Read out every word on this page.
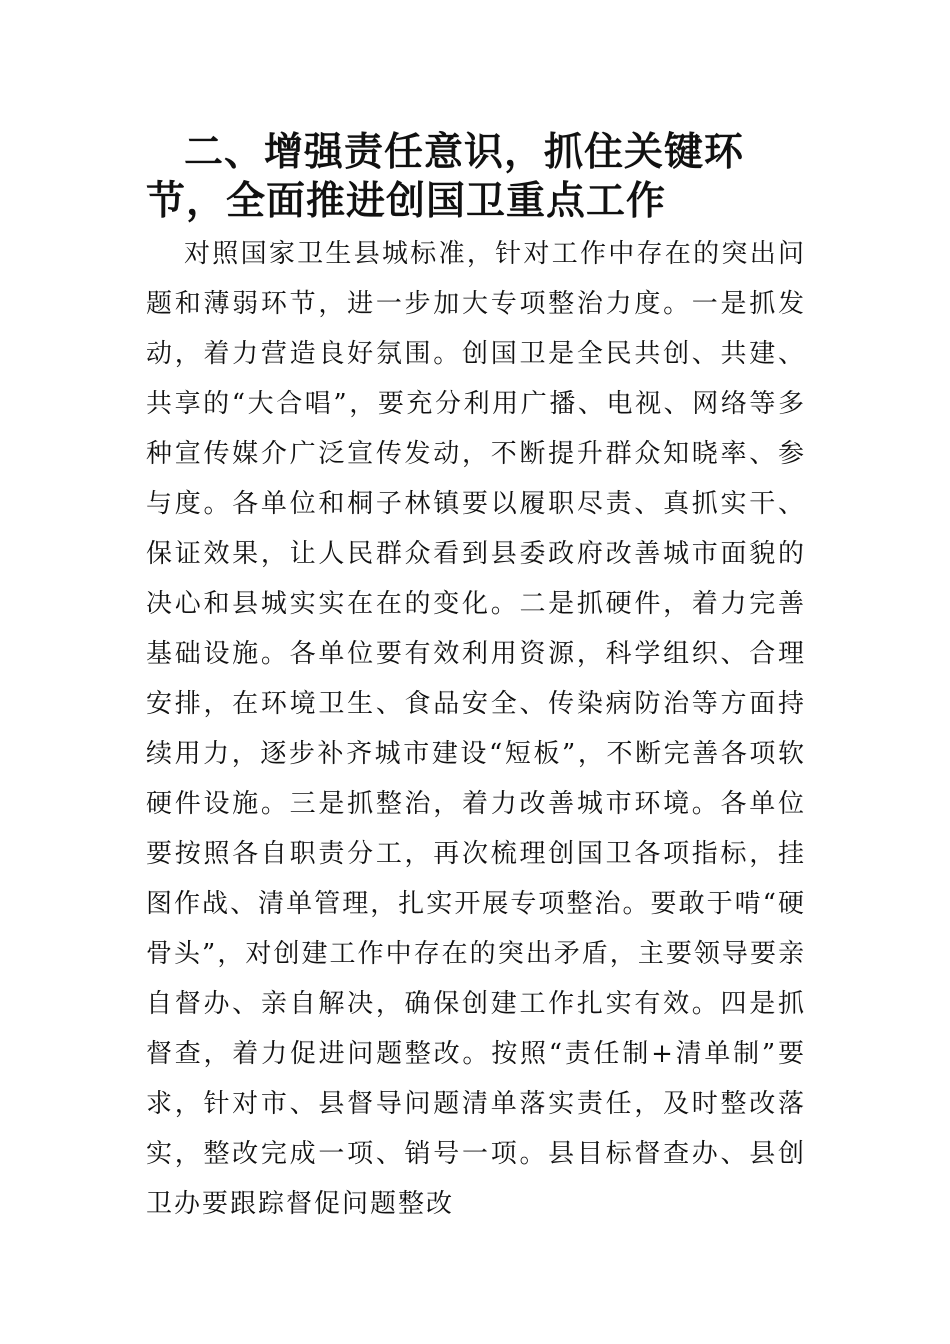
二、增强责任意识，抓住关键环节，全面推进创国卫重点工作

对照国家卫生县城标准，针对工作中存在的突出问题和薄弱环节，进一步加大专项整治力度。一是抓发动，着力营造良好氛围。创国卫是全民共创、共建、共享的“大合唱”，要充分利用广播、电视、网络等多种宣传媒介广泛宣传发动，不断提升群众知晓率、参与度。各单位和桐子林镇要以履职尽责、真抓实干、保证效果，让人民群众看到县委政府改善城市面貌的决心和县城实实在在的变化。二是抓硬件，着力完善基础设施。各单位要有效利用资源，科学组织、合理安排，在环境卫生、食品安全、传染病防治等方面持续用力，逐步补齐城市建设“短板”，不断完善各项软硬件设施。三是抓整治，着力改善城市环境。各单位要按照各自职责分工，再次梳理创国卫各项指标，挂图作战、清单管理，扎实开展专项整治。要敢于啃“硬骨头”，对创建工作中存在的突出矛盾，主要领导要亲自督办、亲自解决，确保创建工作扎实有效。四是抓督查，着力促进问题整改。按照“责任制+清单制”要求，针对市、县督导问题清单落实责任，及时整改落实，整改完成一项、销号一项。县目标督查办、县创卫办要跟踪督促问题整改
